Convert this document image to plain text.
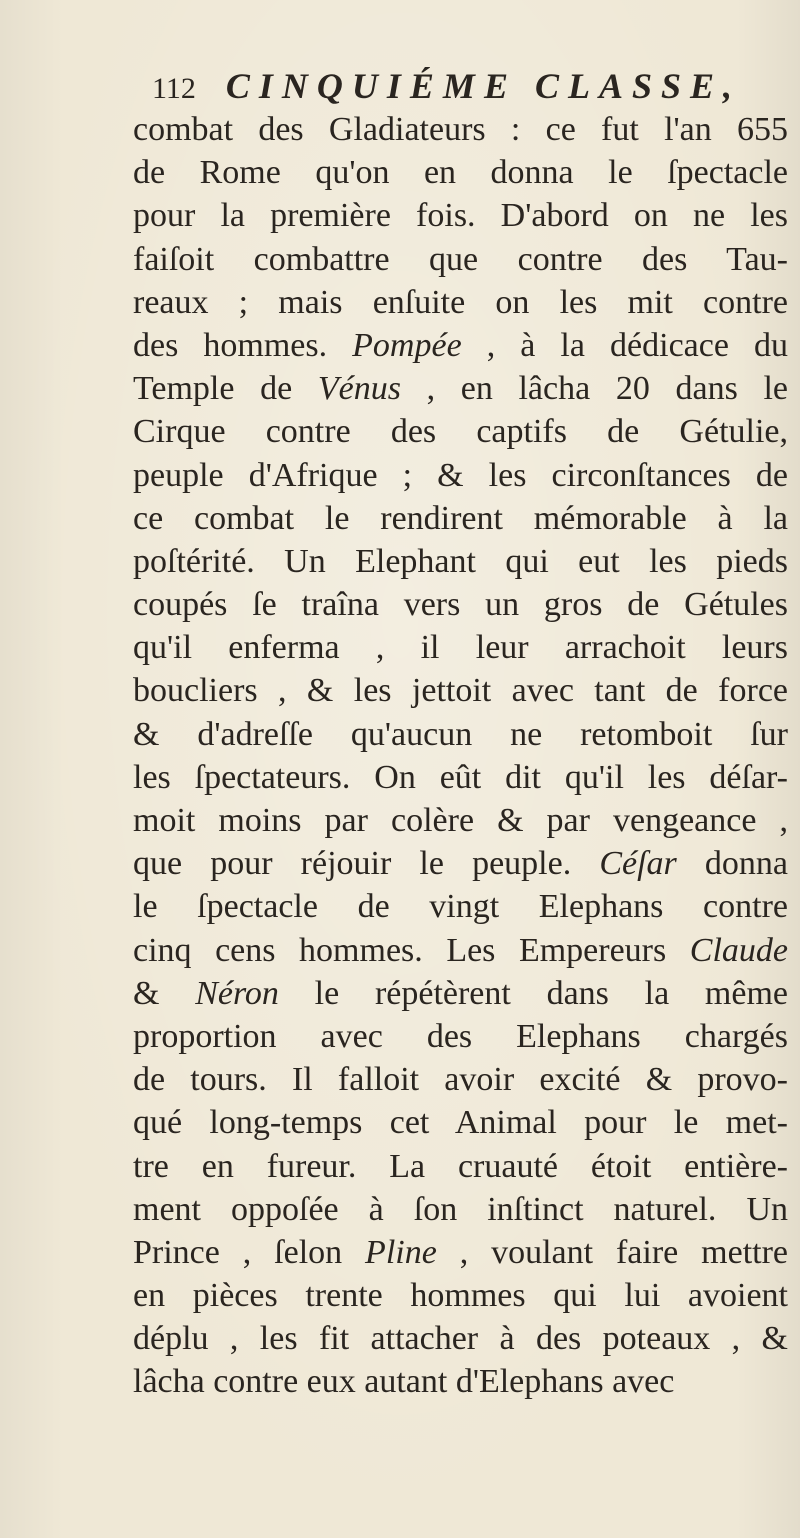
112 CINQUIÉME CLASSE,
combat des Gladiateurs : ce fut l'an 655
de Rome qu'on en donna le ſpectacle
pour la première fois. D'abord on ne les
faiſoit combattre que contre des Tau-
reaux ; mais enſuite on les mit contre
des hommes. Pompée , à la dédicace du
Temple de Vénus , en lâcha 20 dans le
Cirque contre des captifs de Gétulie,
peuple d'Afrique ; & les circonſtances de
ce combat le rendirent mémorable à la
poſtérité. Un Elephant qui eut les pieds
coupés ſe traîna vers un gros de Gétules
qu'il enferma , il leur arrachoit leurs
boucliers , & les jettoit avec tant de force
& d'adreſſe qu'aucun ne retomboit ſur
les ſpectateurs. On eût dit qu'il les déſar-
moit moins par colère & par vengeance ,
que pour réjouir le peuple. Céſar donna
le ſpectacle de vingt Elephans contre
cinq cens hommes. Les Empereurs Claude
& Néron le répétèrent dans la même
proportion avec des Elephans chargés
de tours. Il falloit avoir excité & provo-
qué long-temps cet Animal pour le met-
tre en fureur. La cruauté étoit entière-
ment oppoſée à ſon inſtinct naturel. Un
Prince , ſelon Pline , voulant faire mettre
en pièces trente hommes qui lui avoient
déplu , les fit attacher à des poteaux , &
lâcha contre eux autant d'Elephans avec
